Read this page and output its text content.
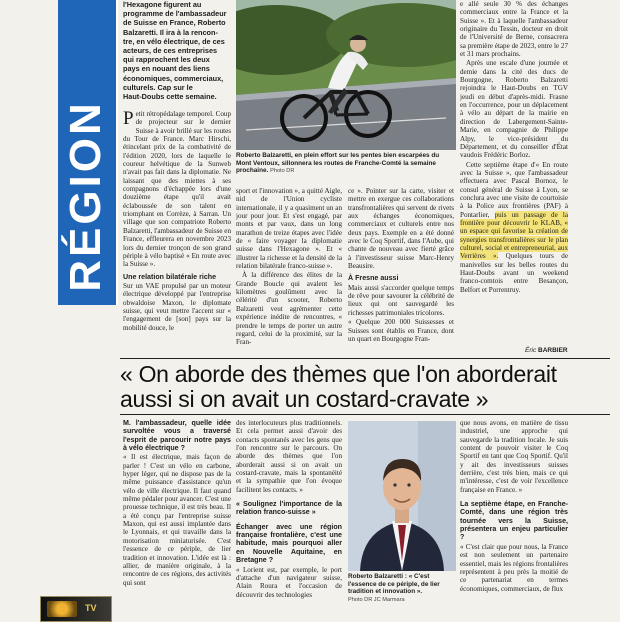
RÉGION
l'Hexagone figurent au
programme de l'ambassadeur
de Suisse en France, Roberto
Balzaretti. Il ira à la rencon-
tre, en vélo électrique, de ces
acteurs, de ces entreprises
qui rapprochent les deux
pays en nouant des liens
économiques, commerciaux,
culturels. Cap sur le
Haut-Doubs cette semaine.

Petit rétropédalage temporel. Coup de projecteur sur le dernier Suisse à avoir brillé sur les routes du Tour de France. Marc Hirschi, étincelant prix de la combativité de l'édition 2020, lors de laquelle le coureur helvétique de la Sunweb n'avait pas fait dans la diplomatie. Ne laissant que des miettes à ses compagnons d'échappée lors d'une douzième étape qu'il avait éclaboussée de son talent en triomphant en Corrèze, à Sarran. Un village que son compatriote Roberto Balzaretti, l'ambassadeur de Suisse en France, effleurera en novembre 2023 lors du dernier tronçon de son grand périple à vélo baptisé « En route avec la Suisse ».

Une relation bilatérale riche

Sur un VAE propulsé par un moteur électrique développé par l'entreprise obwaldoise Maxon, le diplomate suisse, qui veut mettre l'accent sur « l'engagement de [son] pays sur la mobilité douce, le

Roberto Balzaretti, en plein effort sur les pentes bien escarpées du Mont Ventoux, sillonnera les routes de Franche-Comté la semaine prochaine. Photo DR

sport et l'innovation », a quitté Aigle, nid de l'Union cycliste internationale, il y a quasiment un an jour pour jour. Et s'est engagé, par monts et par vaux, dans un long marathon de treize étapes avec l'idée de « faire voyager la diplomatie suisse dans l'Hexagone ». Et « illustrer la richesse et la densité de la relation bilatérale franco-suisse ».

À la différence des élites de la Grande Boucle qui avalent les kilomètres goulûment avec la célérité d'un scooter, Roberto Balzaretti veut agrémenter cette expérience inédite de rencontres, « prendre le temps de porter un autre regard, celui de la proximité, sur la Fran-

ce ». Pointer sur la carte, visiter et mettre en exergue ces collaborations transfrontalières qui servent de rivets aux échanges économiques, commerciaux et culturels entre nos deux pays. Exemple en a été donné avec le Coq Sportif, dans l'Aube, qui chante de nouveau avec fierté grâce à l'investisseur suisse Marc-Henry Beausire.

À Fresne aussi

Mais aussi s'accorder quelque temps de rêve pour savourer la célébrité de lieux qui ont sauvegardé les richesses patrimoniales tricolores.

« Quelque 200 000 Suissesses et Suisses sont établis en France, dont un quart en Bourgogne Fran-

e allé seule 30 % des échanges commerciaux entre la France et la Suisse ». Et à laquelle l'ambassadeur originaire du Tessin, docteur en droit de l'Université de Berne, consacrera sa première étape de 2023, entre le 27 et 31 mars prochains.

Après une escale d'une journée et demie dans la cité des ducs de Bourgogne, Roberto Balzaretti rejoindra le Haut-Doubs en TGV jeudi en début d'après-midi. Frasne en l'occurrence, pour un déplacement à vélo au départ de la mairie en direction de Labergement-Sainte-Marie, en compagnie de Philippe Alpy, le vice-président du Département, et du conseiller d'État vaudois Frédéric Borloz.

Cette septième étape d'« En route avec la Suisse », que l'ambassadeur effectuera avec Pascal Bornoz, le consul général de Suisse à Lyon, se conclura avec une visite de courtoisie à la Police aux frontières (PAF) à Pontarlier, puis un passage de la frontière pour découvrir le KLAB, « un espace qui favorise la création de synergies transfrontalières sur le plan culturel, social et entrepreneurial, aux Verrières ». Quelques tours de manivelles sur les belles routes du Haut-Doubs avant un weekend franco-comtois entre Besançon, Belfort et Porrentruy.

Éric BARBIER
« On aborde des thèmes que l'on aborderait aussi si on avait un costard-cravate »

M. l'ambassadeur, quelle idée survoltée vous a traversé l'esprit de parcourir notre pays à vélo électrique ?

« Il est électrique, mais façon de parler ! C'est un vélo en carbone, hyper léger, qui ne dispose pas de la même puissance d'assistance qu'un vélo de ville électrique. Il faut quand même pédaler pour avancer. C'est une prouesse technique, il est très beau. Il a été conçu par l'entreprise suisse Maxon, qui est aussi implantée dans le Lyonnais, et qui travaille dans la motorisation miniaturisée. C'est l'essence de ce périple, de lier tradition et innovation. L'idée est là : allier, de manière originale, à la rencontre de ces régions, des activités qui sont

des interlocuteurs plus traditionnels. Et cela permet aussi d'avoir des contacts spontanés avec les gens que l'on rencontre sur le parcours. On aborde des thèmes que l'on aborderait aussi si on avait un costard-cravate, mais la spontanéité et la sympathie que l'on évoque facilitent les contacts. »

« Soulignez l'importance de la relation franco-suisse »

Échanger avec une région française frontalière, c'est une habitude, mais pourquoi aller en Nouvelle Aquitaine, en Bretagne ?

« Lorient est, par exemple, le port d'attache d'un navigateur suisse, Alain Roura et l'occasion de découvrir des technologies

Roberto Balzaretti : « C'est l'essence de ce périple, de lier tradition et innovation ».
Photo DR JC Marmara

que nous avons, en matière de tissu industriel, une approche qui sauvegarde la tradition locale. Je suis content de pouvoir visiter le Coq Sportif en tant que Coq Sportif. Qu'il y ait des investisseurs suisses derrière, c'est très bien, mais ce qui m'intéresse, c'est de voir l'excellence française en France. »

La septième étape, en Franche-Comté, dans une région très tournée vers la Suisse, présentera un enjeu particulier ?

« C'est clair que pour nous, la France est non seulement un partenaire essentiel, mais les régions frontalières représentent à peu près la moitié de ce partenariat en termes économiques, commerciaux, de flux

TV
